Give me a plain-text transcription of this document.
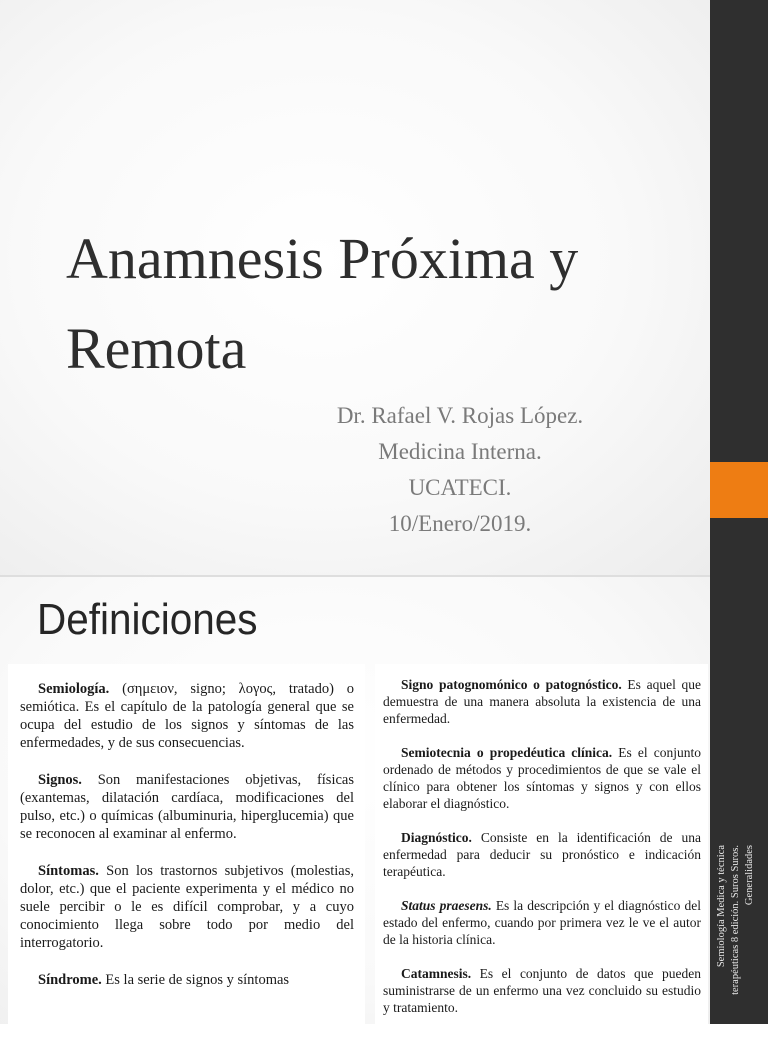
Anamnesis Próxima y Remota
Dr. Rafael V. Rojas López.
Medicina Interna.
UCATECI.
10/Enero/2019.
Semiología Medica y técnica terapéuticas 8 edición. Suros Suros. Generalidades
Definiciones

Semiología. (σημειον, signo; λογος, tratado) o semiótica. Es el capítulo de la patología general que se ocupa del estudio de los signos y síntomas de las enfermedades, y de sus consecuencias.

Signos. Son manifestaciones objetivas, físicas (exantemas, dilatación cardíaca, modificaciones del pulso, etc.) o químicas (albuminuria, hiperglucemia) que se reconocen al examinar al enfermo.

Síntomas. Son los trastornos subjetivos (molestias, dolor, etc.) que el paciente experimenta y el médico no suele percibir o le es difícil comprobar, y a cuyo conocimiento llega sobre todo por medio del interrogatorio.

Síndrome. Es la serie de signos y síntomas

Signo patognomónico o patognóstico. Es aquel que demuestra de una manera absoluta la existencia de una enfermedad.

Semiotecnia o propedéutica clínica. Es el conjunto ordenado de métodos y procedimientos de que se vale el clínico para obtener los síntomas y signos y con ellos elaborar el diagnóstico.

Diagnóstico. Consiste en la identificación de una enfermedad para deducir su pronóstico e indicación terapéutica.

Status praesens. Es la descripción y el diagnóstico del estado del enfermo, cuando por primera vez le ve el autor de la historia clínica.

Catamnesis. Es el conjunto de datos que pueden suministrarse de un enfermo una vez concluido su estudio y tratamiento.
